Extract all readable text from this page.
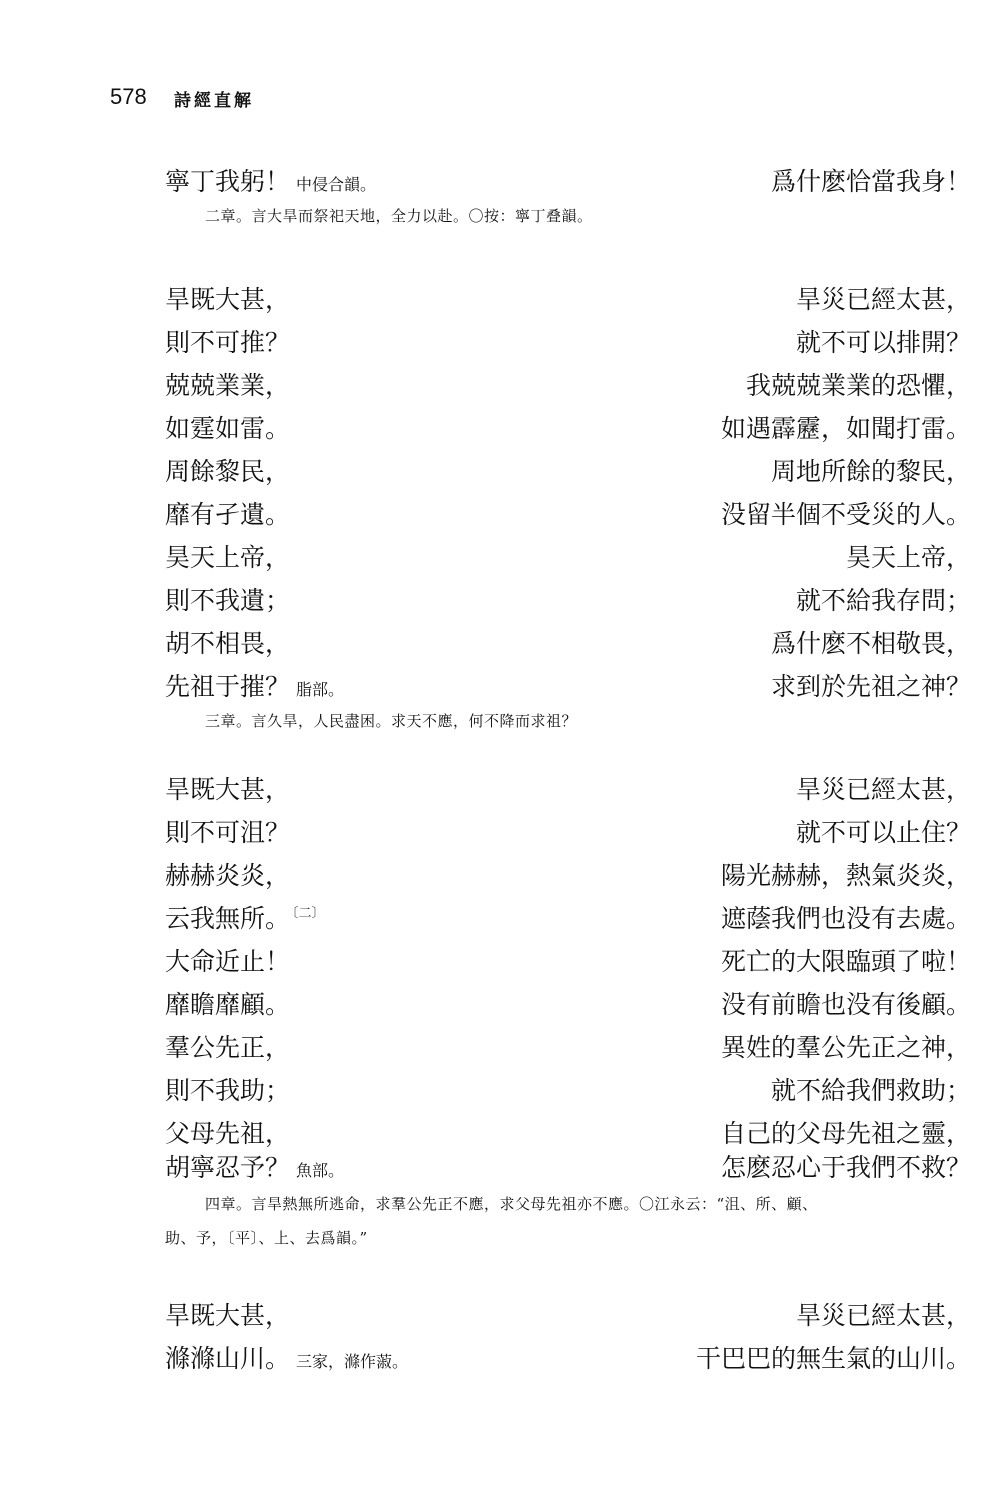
578 詩經直解
寧丁我躬！ 中侵合韻。	爲什麽恰當我身！
二章。言大旱而祭祀天地，全力以赴。〇按：寧丁叠韻。
旱既大甚，	旱災已經太甚，
則不可推？	就不可以排開？
兢兢業業，	我兢兢業業的恐懼，
如霆如雷。	如遇霹靂，如聞打雷。
周餘黎民，	周地所餘的黎民，
靡有孑遺。	没留半個不受災的人。
昊天上帝，	昊天上帝，
則不我遺；	就不給我存問；
胡不相畏，	爲什麽不相敬畏，
先祖于摧？ 脂部。	求到於先祖之神？
三章。言久旱，人民盡困。求天不應，何不降而求祖？
旱既大甚，	旱災已經太甚，
則不可沮？	就不可以止住？
赫赫炎炎，	陽光赫赫，熱氣炎炎，
云我無所。 $^{〔二〕}$	遮蔭我們也没有去處。
大命近止！	死亡的大限臨頭了啦！
靡瞻靡顧。	没有前瞻也没有後顧。
羣公先正，	異姓的羣公先正之神，
則不我助；	就不給我們救助；
父母先祖，	自己的父母先祖之靈，
胡寧忍予？ 魚部。	怎麽忍心于我們不救？
四章。言旱熱無所逃命，求羣公先正不應，求父母先祖亦不應。〇江永云：“沮、所、顧、
助、予，〔平〕、上、去爲韻。”
旱既大甚，	旱災已經太甚，
滌滌山川。 三家，滌作蔋。	干巴巴的無生氣的山川。
